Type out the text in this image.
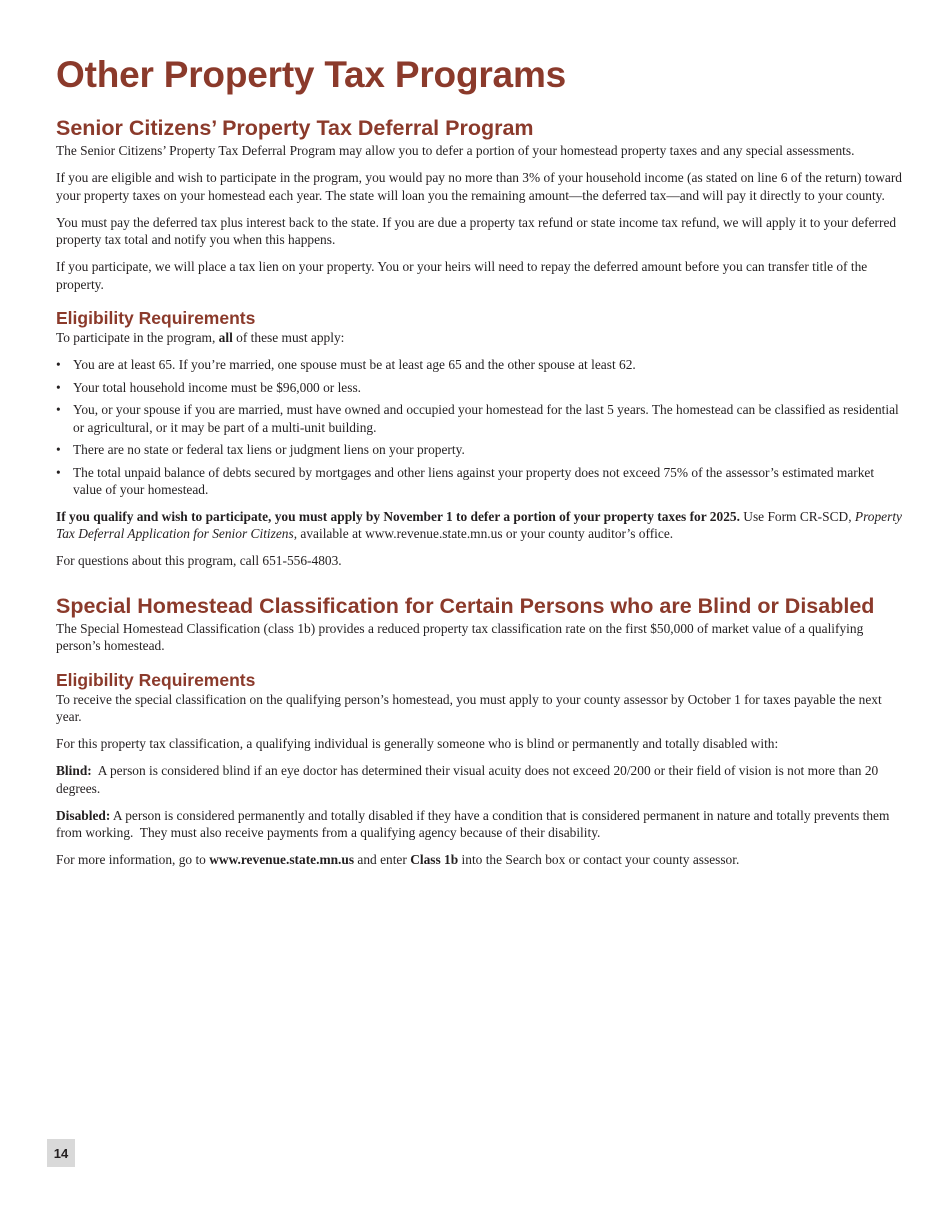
Other Property Tax Programs
Senior Citizens’ Property Tax Deferral Program

The Senior Citizens’ Property Tax Deferral Program may allow you to defer a portion of your homestead property taxes and any special assessments.

If you are eligible and wish to participate in the program, you would pay no more than 3% of your household income (as stated on line 6 of the return) toward your property taxes on your homestead each year. The state will loan you the remaining amount—the deferred tax—and will pay it directly to your county.

You must pay the deferred tax plus interest back to the state. If you are due a property tax refund or state income tax refund, we will apply it to your deferred property tax total and notify you when this happens.

If you participate, we will place a tax lien on your property. You or your heirs will need to repay the deferred amount before you can transfer title of the property.

Eligibility Requirements

To participate in the program, all of these must apply:

• You are at least 65. If you’re married, one spouse must be at least age 65 and the other spouse at least 62.
• Your total household income must be $96,000 or less.
• You, or your spouse if you are married, must have owned and occupied your homestead for the last 5 years. The homestead can be classified as residential or agricultural, or it may be part of a multi-unit building.
• There are no state or federal tax liens or judgment liens on your property.
• The total unpaid balance of debts secured by mortgages and other liens against your property does not exceed 75% of the assessor’s estimated market value of your homestead.

If you qualify and wish to participate, you must apply by November 1 to defer a portion of your property taxes for 2025. Use Form CR-SCD, Property Tax Deferral Application for Senior Citizens, available at www.revenue.state.mn.us or your county auditor’s office.

For questions about this program, call 651-556-4803.

Special Homestead Classification for Certain Persons who are Blind or Disabled

The Special Homestead Classification (class 1b) provides a reduced property tax classification rate on the first $50,000 of market value of a qualifying person’s homestead.

Eligibility Requirements

To receive the special classification on the qualifying person’s homestead, you must apply to your county assessor by October 1 for taxes payable the next year.

For this property tax classification, a qualifying individual is generally someone who is blind or permanently and totally disabled with:

Blind:  A person is considered blind if an eye doctor has determined their visual acuity does not exceed 20/200 or their field of vision is not more than 20 degrees.

Disabled: A person is considered permanently and totally disabled if they have a condition that is considered permanent in nature and totally prevents them from working.  They must also receive payments from a qualifying agency because of their disability.

For more information, go to www.revenue.state.mn.us and enter Class 1b into the Search box or contact your county assessor.

14
